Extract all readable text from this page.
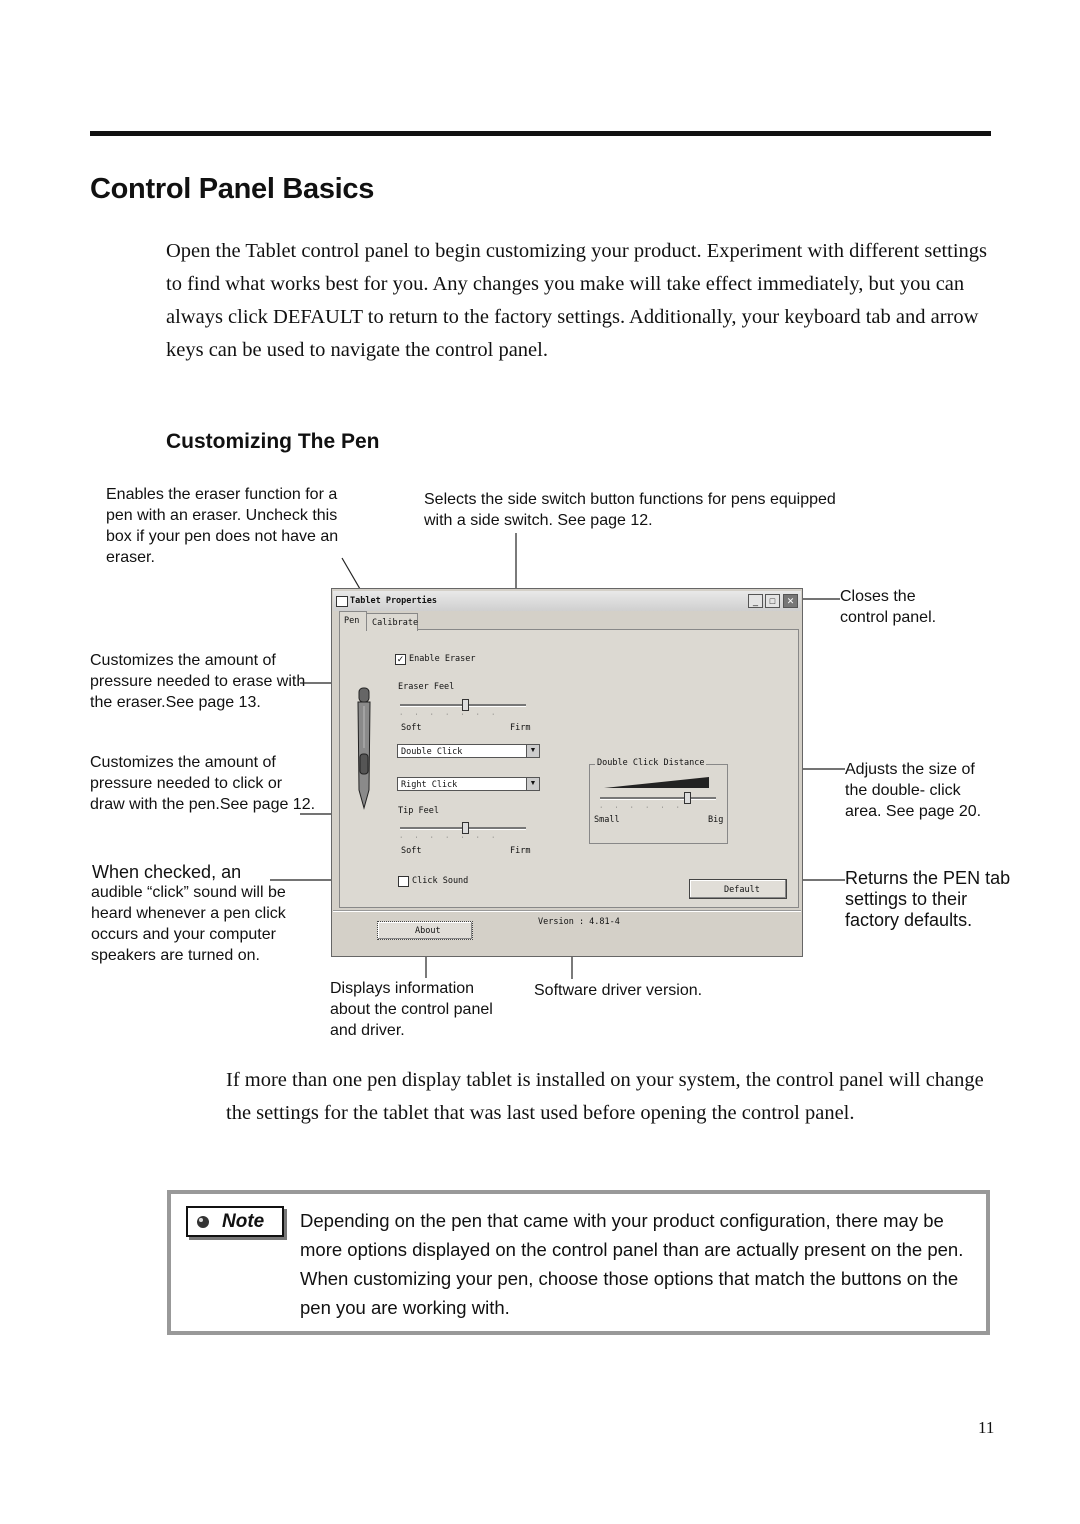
Control Panel Basics
Open the Tablet control panel to begin customizing your product. Experiment with different settings to find what works best for you. Any changes you make will take effect immediately, but you can always click DEFAULT to return to the factory settings. Additionally, your keyboard tab and arrow keys can be used to navigate the control panel.
Customizing The Pen
Enables the eraser function for a pen with an eraser. Uncheck this box if your pen does not have an eraser.
Selects the side switch button functions for pens equipped with a side switch. See page 12.
Closes the control panel.
Customizes the amount of pressure needed to erase with the eraser.See page 13.
Customizes the amount of pressure needed to click or draw with the pen.See page 12.
Adjusts the size of the double- click area. See page 20.
When checked, an
audible “click” sound will be heard whenever a pen click occurs and your computer speakers are turned on.
Returns the PEN tab settings to their factory defaults.
Displays information about the control panel and driver.
Software driver version.
Tablet Properties	_	□	✕
Pen Calibrate
✓ Enable Eraser
Eraser Feel
·······
Soft	Firm
Double Click	▼
Right Click	▼
Tip Feel
·······
Soft	Firm
Double Click Distance
······
Small	Big
Click Sound
Default
About
Version : 4.81-4
If more than one pen display tablet is installed on your system, the control panel will change the settings for the tablet that was last used before opening the control panel.
Note Depending on the pen that came with your product configuration, there may be more options displayed on the control panel than are actually present on the pen. When customizing your pen, choose those options that match the buttons on the pen you are working with.
11
